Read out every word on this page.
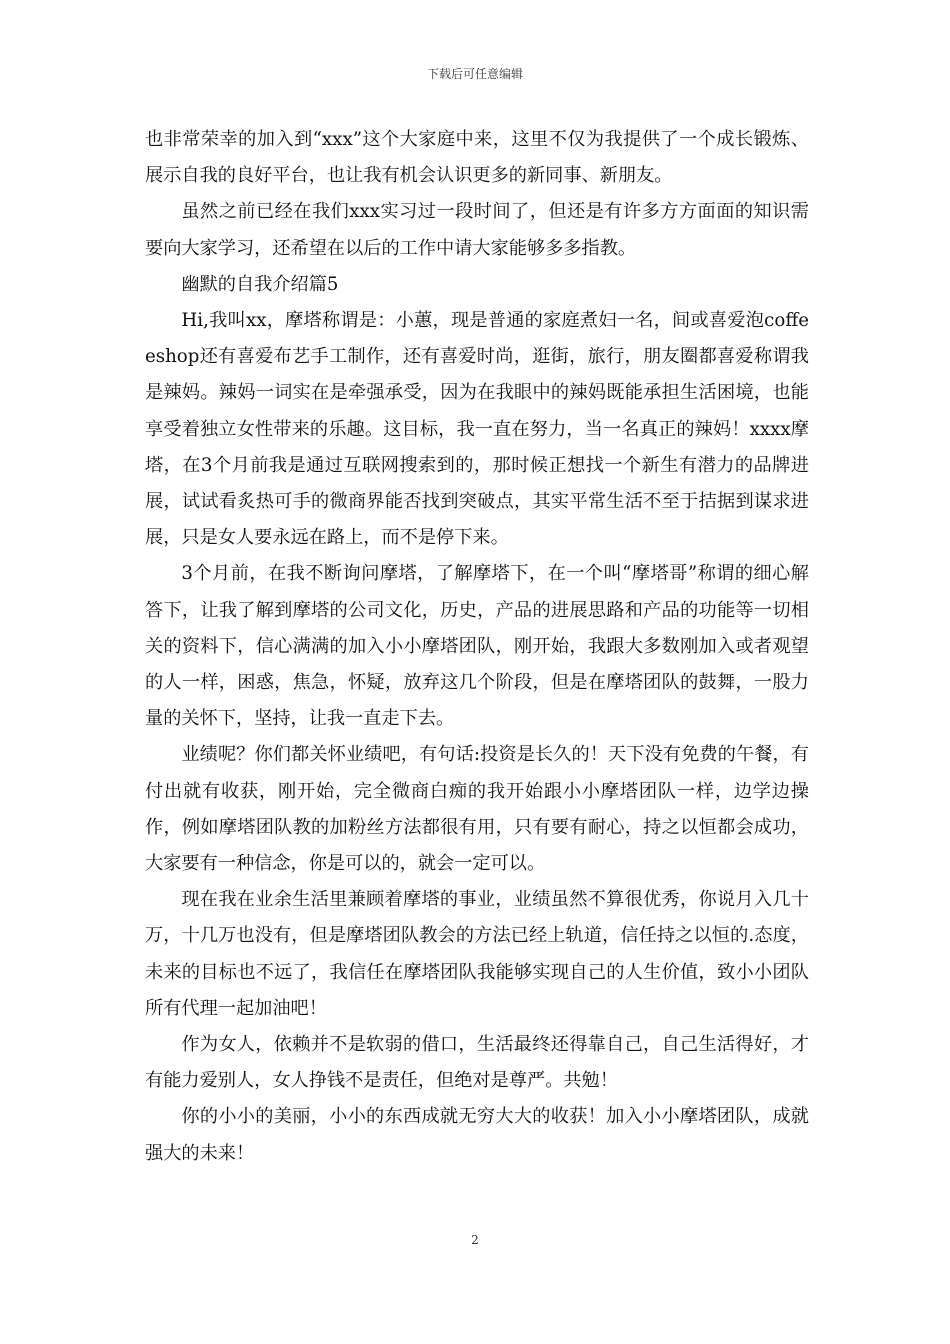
下载后可任意编辑

也非常荣幸的加入到“xxx”这个大家庭中来，这里不仅为我提供了一个成长锻炼、展示自我的良好平台，也让我有机会认识更多的新同事、新朋友。

虽然之前已经在我们xxx实习过一段时间了，但还是有许多方方面面的知识需要向大家学习，还希望在以后的工作中请大家能够多多指教。

幽默的自我介绍篇5

Hi,我叫xx，摩塔称谓是：小蕙，现是普通的家庭煮妇一名，间或喜爱泡coffeeshop还有喜爱布艺手工制作，还有喜爱时尚，逛街，旅行，朋友圈都喜爱称谓我是辣妈。辣妈一词实在是牵强承受，因为在我眼中的辣妈既能承担生活困境，也能享受着独立女性带来的乐趣。这目标，我一直在努力，当一名真正的辣妈！xxxx摩塔，在3个月前我是通过互联网搜索到的，那时候正想找一个新生有潜力的品牌进展，试试看炙热可手的微商界能否找到突破点，其实平常生活不至于拮据到谋求进展，只是女人要永远在路上，而不是停下来。

3个月前，在我不断询问摩塔，了解摩塔下，在一个叫“摩塔哥”称谓的细心解答下，让我了解到摩塔的公司文化，历史，产品的进展思路和产品的功能等一切相关的资料下，信心满满的加入小小摩塔团队，刚开始，我跟大多数刚加入或者观望的人一样，困惑，焦急，怀疑，放弃这几个阶段，但是在摩塔团队的鼓舞，一股力量的关怀下，坚持，让我一直走下去。

业绩呢？你们都关怀业绩吧，有句话:投资是长久的！天下没有免费的午餐，有付出就有收获，刚开始，完全微商白痴的我开始跟小小摩塔团队一样，边学边操作，例如摩塔团队教的加粉丝方法都很有用，只有要有耐心，持之以恒都会成功，大家要有一种信念，你是可以的，就会一定可以。

现在我在业余生活里兼顾着摩塔的事业，业绩虽然不算很优秀，你说月入几十万，十几万也没有，但是摩塔团队教会的方法已经上轨道，信任持之以恒的.态度，未来的目标也不远了，我信任在摩塔团队我能够实现自己的人生价值，致小小团队所有代理一起加油吧！

作为女人，依赖并不是软弱的借口，生活最终还得靠自己，自己生活得好，才有能力爱别人，女人挣钱不是责任，但绝对是尊严。共勉！

你的小小的美丽，小小的东西成就无穷大大的收获！加入小小摩塔团队，成就强大的未来！

2
